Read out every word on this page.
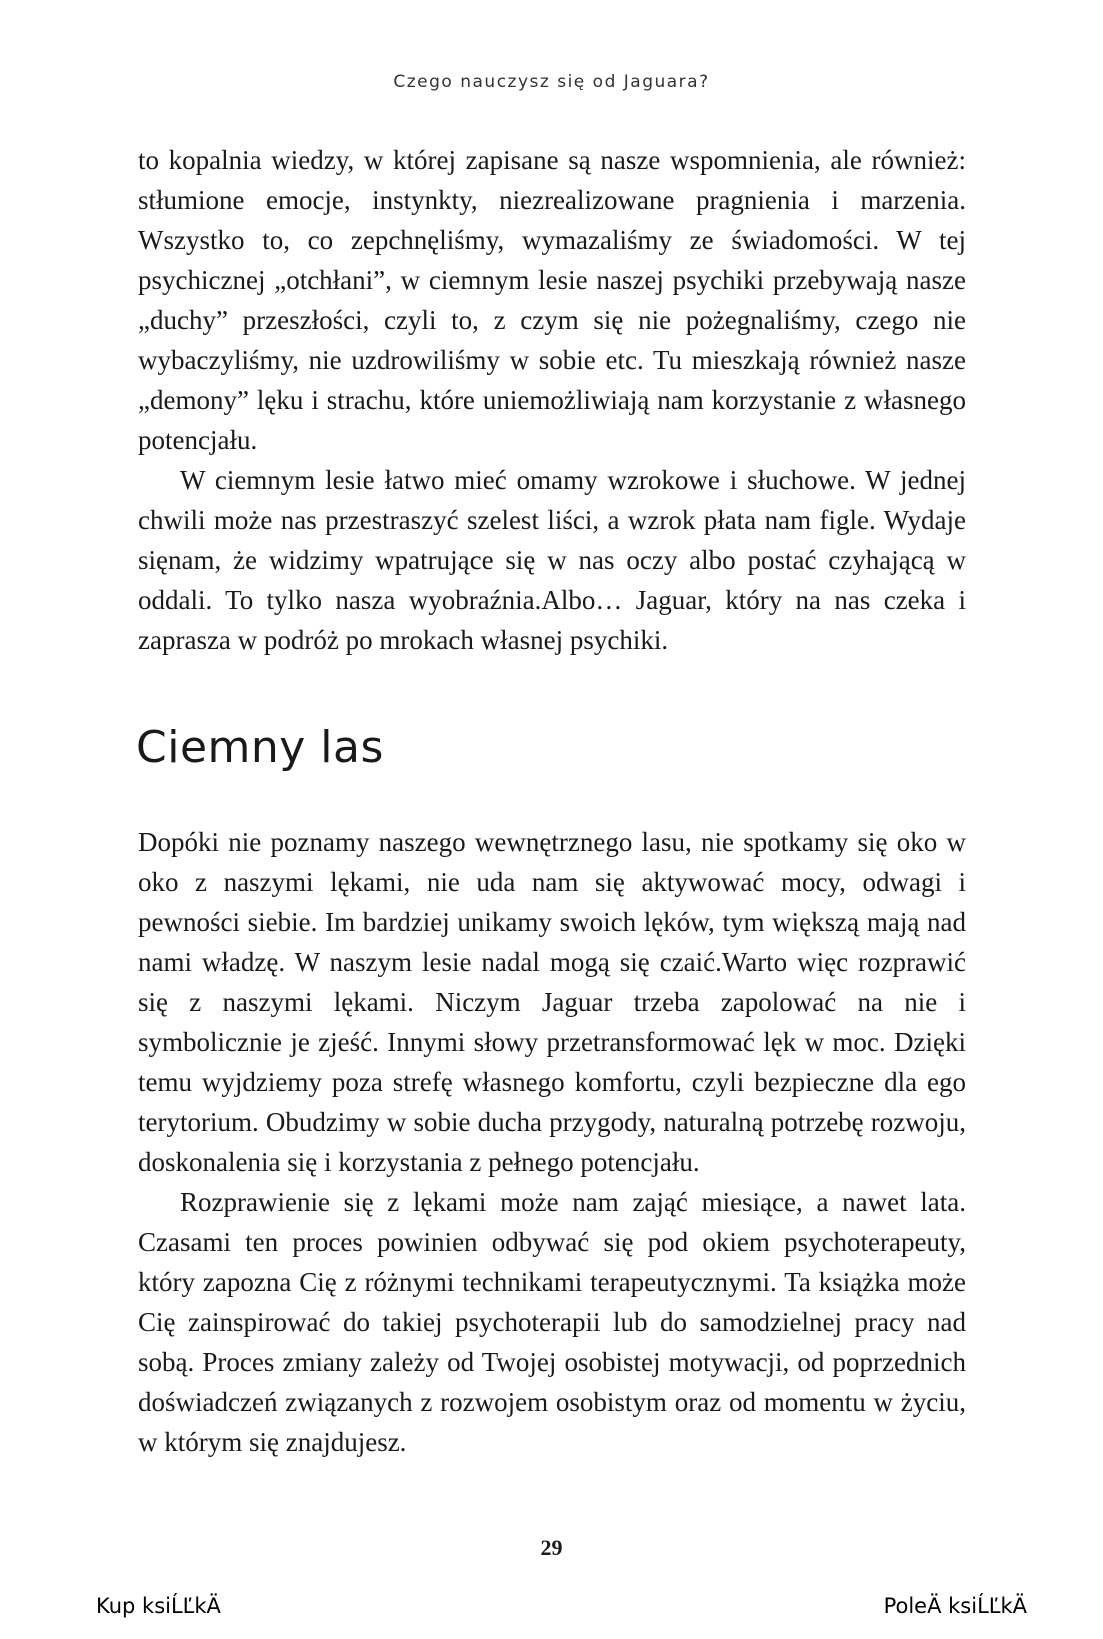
Czego nauczysz się od Jaguara?

to kopalnia wiedzy, w której zapisane są nasze wspomnienia, ale również: stłumione emocje, instynkty, niezrealizowane pragnienia i marzenia. Wszystko to, co zepchnęliśmy, wymazaliśmy ze świadomości. W tej psychicznej „otchłani”, w ciemnym lesie naszej psychiki przebywają nasze „duchy” przeszłości, czyli to, z czym się nie pożegnaliśmy, czego nie wybaczyliśmy, nie uzdrowiliśmy w sobie etc. Tu mieszkają również nasze „demony” lęku i strachu, które uniemożliwiają nam korzystanie z własnego potencjału.

W ciemnym lesie łatwo mieć omamy wzrokowe i słuchowe. W jednej chwili może nas przestraszyć szelest liści, a wzrok płata nam figle. Wydaje sięnam, że widzimy wpatrujące się w nas oczy albo postać czyhającą w oddali. To tylko nasza wyobraźnia.Albo… Jaguar, który na nas czeka i zaprasza w podróż po mrokach własnej psychiki.

Ciemny las

Dopóki nie poznamy naszego wewnętrznego lasu, nie spotkamy się oko w oko z naszymi lękami, nie uda nam się aktywować mocy, odwagi i pewności siebie. Im bardziej unikamy swoich lęków, tym większą mają nad nami władzę. W naszym lesie nadal mogą się czaić.Warto więc rozprawić się z naszymi lękami. Niczym Jaguar trzeba zapolować na nie i symbolicznie je zjeść. Innymi słowy przetransformować lęk w moc. Dzięki temu wyjdziemy poza strefę własnego komfortu, czyli bezpieczne dla ego terytorium. Obudzimy w sobie ducha przygody, naturalną potrzebę rozwoju, doskonalenia się i korzystania z pełnego potencjału.

Rozprawienie się z lękami może nam zająć miesiące, a nawet lata. Czasami ten proces powinien odbywać się pod okiem psychoterapeuty, który zapozna Cię z różnymi technikami terapeutycznymi. Ta książka może Cię zainspirować do takiej psychoterapii lub do samodzielnej pracy nad sobą. Proces zmiany zależy od Twojej osobistej motywacji, od poprzednich doświadczeń związanych z rozwojem osobistym oraz od momentu w życiu, w którym się znajdujesz.

29
Kup ksiĹĽkÄ	PoleÄ ksiĹĽkÄ
